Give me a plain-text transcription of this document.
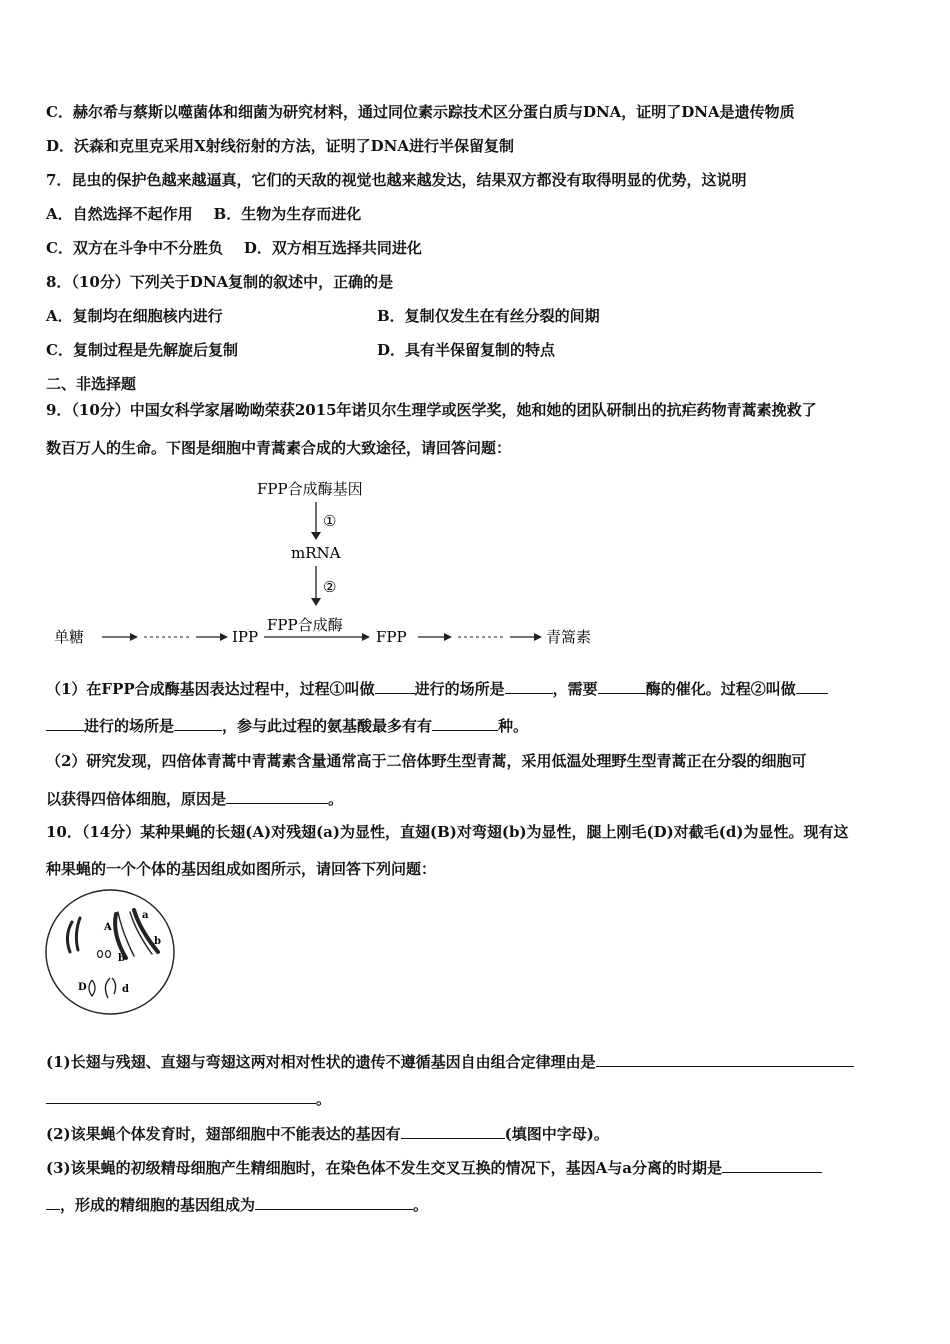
C．赫尔希与蔡斯以噬菌体和细菌为研究材料，通过同位素示踪技术区分蛋白质与DNA，证明了DNA是遗传物质
D．沃森和克里克采用X射线衍射的方法，证明了DNA进行半保留复制
7．昆虫的保护色越来越逼真，它们的天敌的视觉也越来越发达，结果双方都没有取得明显的优势，这说明
A．自然选择不起作用    B．生物为生存而进化
C．双方在斗争中不分胜负    D．双方相互选择共同进化
8．（10分）下列关于DNA复制的叙述中，正确的是
A．复制均在细胞核内进行	B．复制仅发生在有丝分裂的间期
C．复制过程是先解旋后复制	D．具有半保留复制的特点
二、非选择题
9．（10分）中国女科学家屠呦呦荣获2015年诺贝尔生理学或医学奖，她和她的团队研制出的抗疟药物青蒿素挽救了
数百万人的生命。下图是细胞中青蒿素合成的大致途径，请回答问题：
FPP合成酶基因
①
mRNA
②
FPP合成酶
单糖	IPP	FPP	青篙素
（1）在FPP合成酶基因表达过程中，过程①叫做	进行的场所是	，需要	酶的催化。过程②叫做
进行的场所是	，参与此过程的氨基酸最多有有	种。
（2）研究发现，四倍体青蒿中青蒿素含量通常高于二倍体野生型青蒿，采用低温处理野生型青蒿正在分裂的细胞可
以获得四倍体细胞，原因是	。
10．（14分）某种果蝇的长翅(A)对残翅(a)为显性，直翅(B)对弯翅(b)为显性，腿上刚毛(D)对截毛(d)为显性。现有这
种果蝇的一个个体的基因组成如图所示，请回答下列问题：
A
a
b
b
D	d
(1)长翅与残翅、直翅与弯翅这两对相对性状的遗传不遵循基因自由组合定律理由是
。
(2)该果蝇个体发育时，翅部细胞中不能表达的基因有	(填图中字母)。
(3)该果蝇的初级精母细胞产生精细胞时，在染色体不发生交叉互换的情况下，基因A与a分离的时期是
，形成的精细胞的基因组成为	。
